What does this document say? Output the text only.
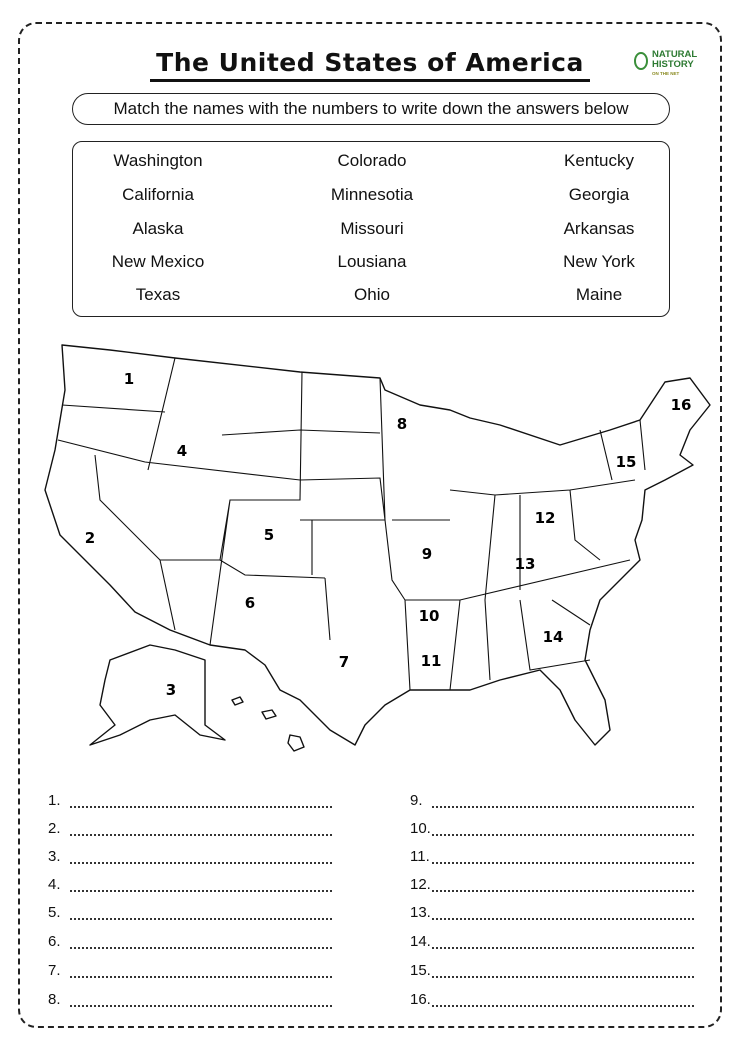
The United States of America	NATURAL
HISTORY
ON THE NET
Match the names with the numbers to write down the answers below
Washington	Colorado	Kentucky
California	Minnesotia	Georgia
Alaska	Missouri	Arkansas
New Mexico	Lousiana	New York
Texas	Ohio	Maine
1
2
3
4
5
6
7
8
9
10
11
12
13
14
15
16
1.
2.
3.
4.
5.
6.
7.
8.
9.
10.
11.
12.
13.
14.
15.
16.
